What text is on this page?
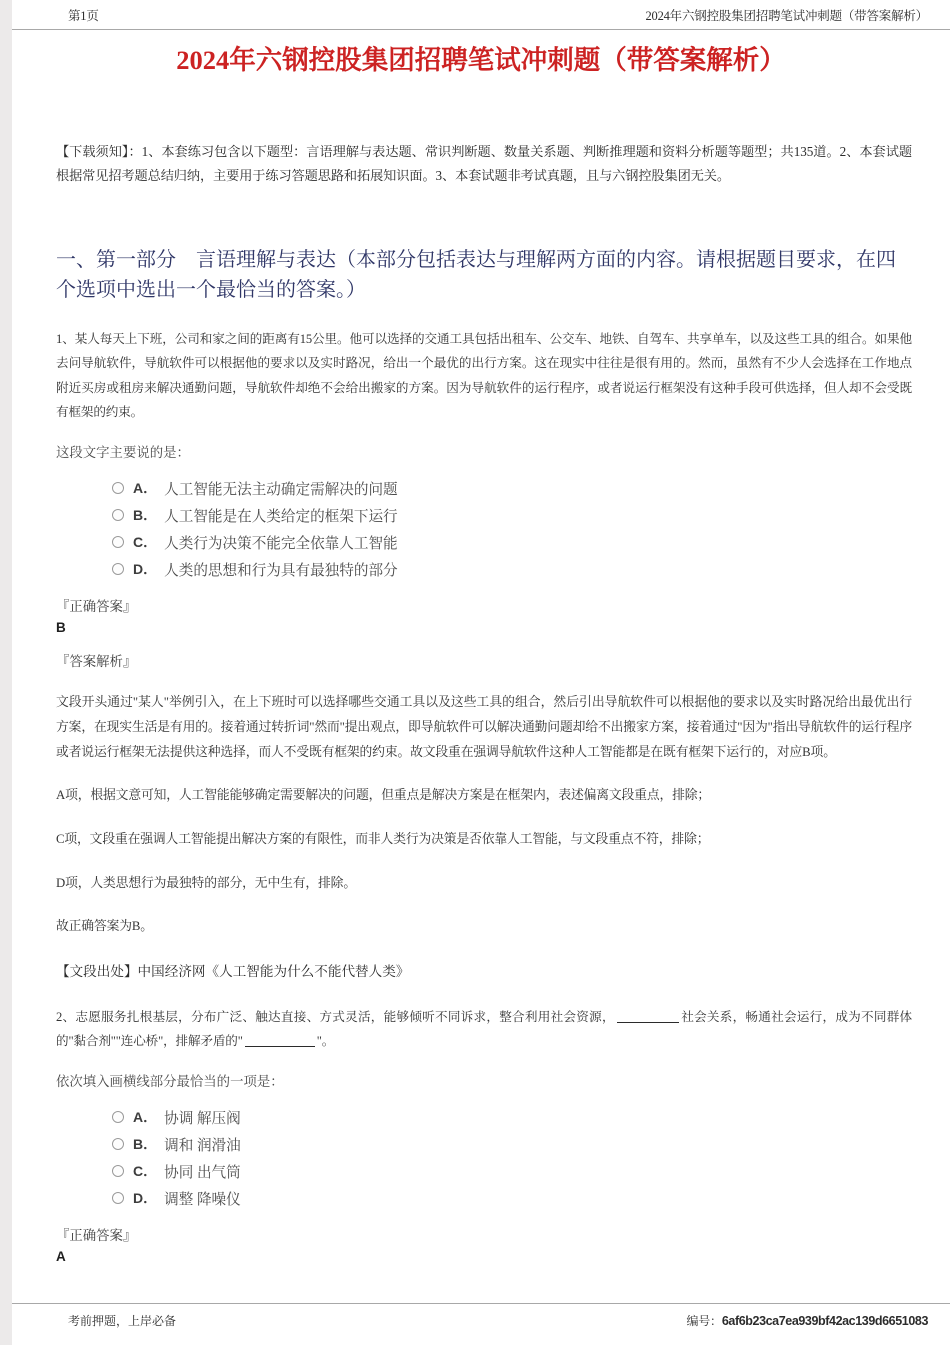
第1页	2024年六钢控股集团招聘笔试冲刺题（带答案解析）
2024年六钢控股集团招聘笔试冲刺题（带答案解析）
【下载须知】：1、本套练习包含以下题型：言语理解与表达题、常识判断题、数量关系题、判断推理题和资料分析题等题型；共135道。2、本套试题根据常见招考题总结归纳，主要用于练习答题思路和拓展知识面。3、本套试题非考试真题，且与六钢控股集团无关。
一、第一部分　言语理解与表达（本部分包括表达与理解两方面的内容。请根据题目要求，在四个选项中选出一个最恰当的答案。）
1、某人每天上下班，公司和家之间的距离有15公里。他可以选择的交通工具包括出租车、公交车、地铁、自驾车、共享单车，以及这些工具的组合。如果他去问导航软件，导航软件可以根据他的要求以及实时路况，给出一个最优的出行方案。这在现实中往往是很有用的。然而，虽然有不少人会选择在工作地点附近买房或租房来解决通勤问题，导航软件却绝不会给出搬家的方案。因为导航软件的运行程序，或者说运行框架没有这种手段可供选择，但人却不会受既有框架的约束。
这段文字主要说的是：
A． 人工智能无法主动确定需解决的问题
B． 人工智能是在人类给定的框架下运行
C． 人类行为决策不能完全依靠人工智能
D． 人类的思想和行为具有最独特的部分
『正确答案』
B
『答案解析』
文段开头通过"某人"举例引入，在上下班时可以选择哪些交通工具以及这些工具的组合，然后引出导航软件可以根据他的要求以及实时路况给出最优出行方案，在现实生活是有用的。接着通过转折词"然而"提出观点，即导航软件可以解决通勤问题却给不出搬家方案，接着通过"因为"指出导航软件的运行程序或者说运行框架无法提供这种选择，而人不受既有框架的约束。故文段重在强调导航软件这种人工智能都是在既有框架下运行的，对应B项。
A项，根据文意可知，人工智能能够确定需要解决的问题，但重点是解决方案是在框架内，表述偏离文段重点，排除；
C项，文段重在强调人工智能提出解决方案的有限性，而非人类行为决策是否依靠人工智能，与文段重点不符，排除；
D项，人类思想行为最独特的部分，无中生有，排除。
故正确答案为B。
【文段出处】中国经济网《人工智能为什么不能代替人类》
2、志愿服务扎根基层，分布广泛、触达直接、方式灵活，能够倾听不同诉求，整合利用社会资源，	社会关系，畅通社会运行，成为不同群体的"黏合剂""连心桥"，排解矛盾的"	"。
依次填入画横线部分最恰当的一项是：
A． 协调 解压阀
B． 调和 润滑油
C． 协同 出气筒
D． 调整 降噪仪
『正确答案』
A
考前押题，上岸必备	编号：6af6b23ca7ea939bf42ac139d6651083
